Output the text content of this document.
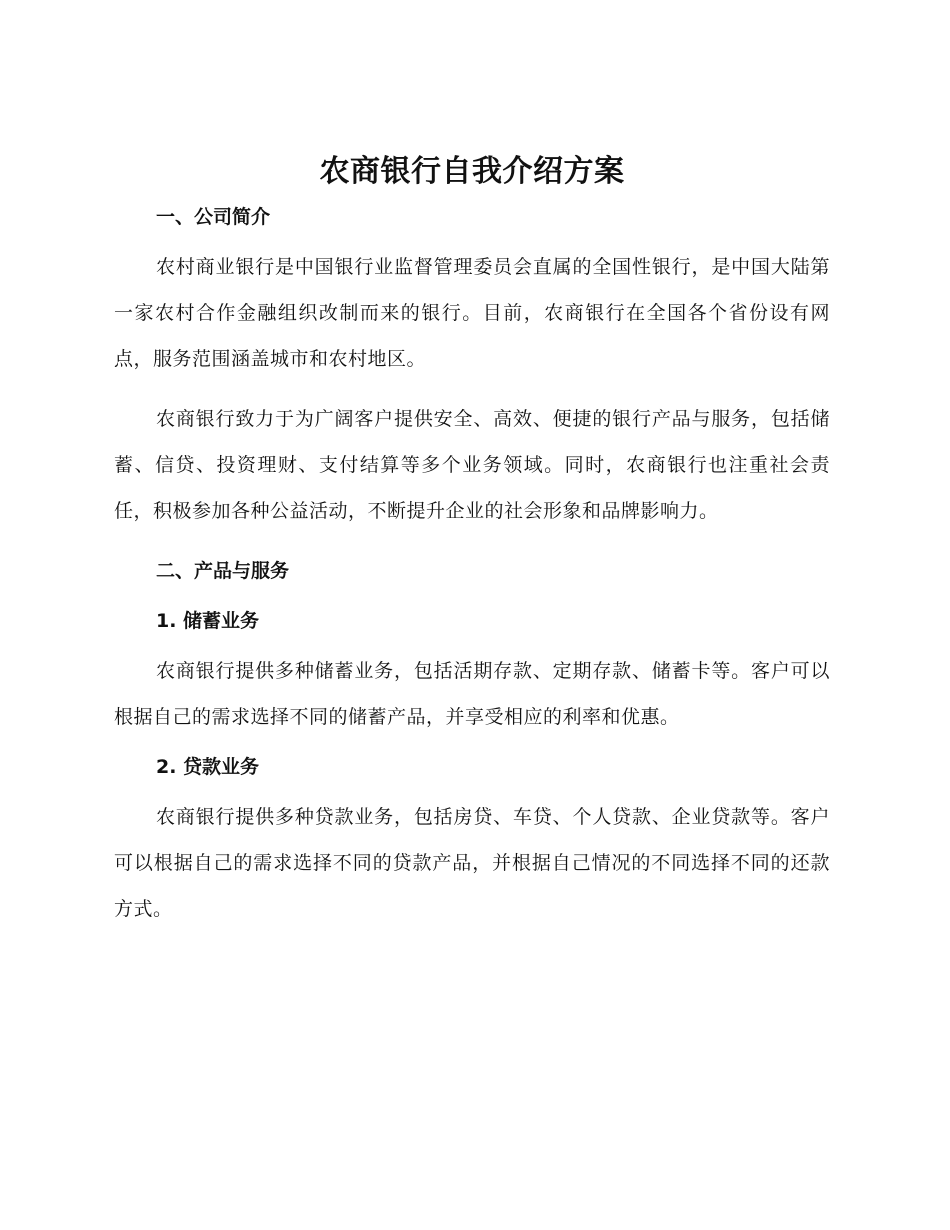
农商银行自我介绍方案
一、公司简介

农村商业银行是中国银行业监督管理委员会直属的全国性银行，是中国大陆第一家农村合作金融组织改制而来的银行。目前，农商银行在全国各个省份设有网点，服务范围涵盖城市和农村地区。

农商银行致力于为广阔客户提供安全、高效、便捷的银行产品与服务，包括储蓄、信贷、投资理财、支付结算等多个业务领域。同时，农商银行也注重社会责任，积极参加各种公益活动，不断提升企业的社会形象和品牌影响力。

二、产品与服务
1. 储蓄业务

农商银行提供多种储蓄业务，包括活期存款、定期存款、储蓄卡等。客户可以根据自己的需求选择不同的储蓄产品，并享受相应的利率和优惠。

2. 贷款业务

农商银行提供多种贷款业务，包括房贷、车贷、个人贷款、企业贷款等。客户可以根据自己的需求选择不同的贷款产品，并根据自己情况的不同选择不同的还款方式。
